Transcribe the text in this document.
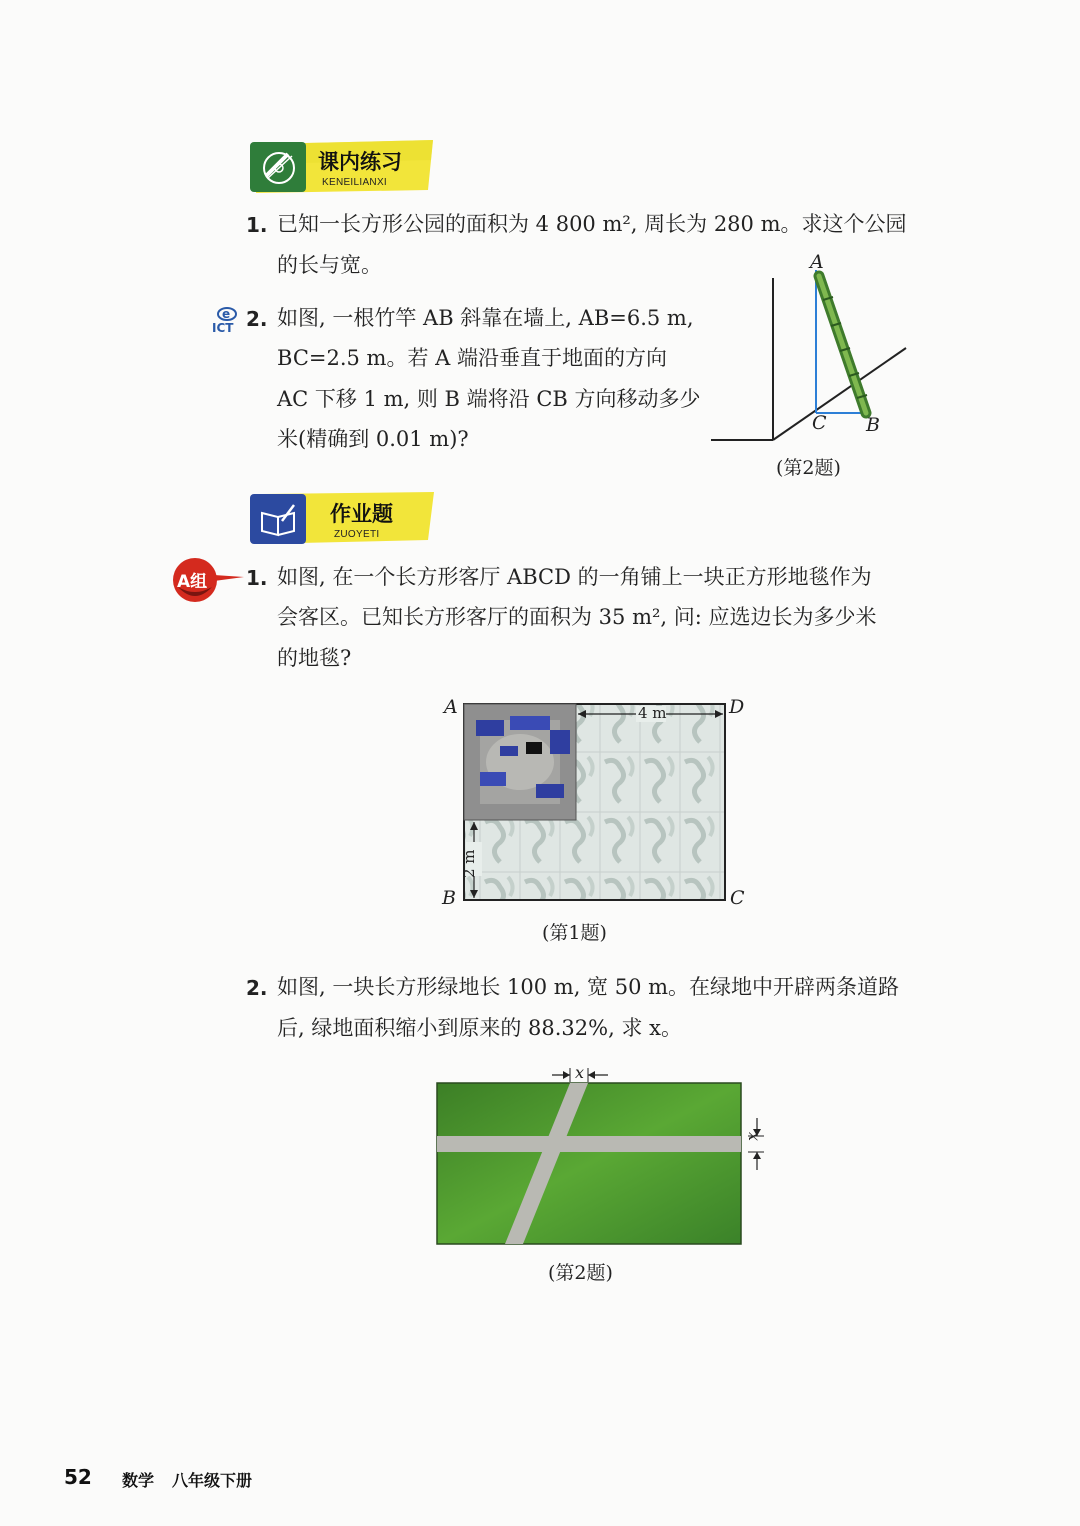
课内练习
KENEILIANXI
1. 已知一长方形公园的面积为 4 800 m², 周长为 280 m。求这个公园
的长与宽。
e
ICT 2. 如图, 一根竹竿 AB 斜靠在墙上, AB=6.5 m,
BC=2.5 m。若 A 端沿垂直于地面的方向
AC 下移 1 m, 则 B 端将沿 CB 方向移动多少
米(精确到 0.01 m)?
A
C B
(第2题)
作业题
ZUOYETI
A组 1. 如图, 在一个长方形客厅 ABCD 的一角铺上一块正方形地毯作为
会客区。已知长方形客厅的面积为 35 m², 问: 应选边长为多少米
的地毯?
A	D
B	C
4 m
2 m
(第1题)
2. 如图, 一块长方形绿地长 100 m, 宽 50 m。在绿地中开辟两条道路
后, 绿地面积缩小到原来的 88.32%, 求 x。
x
x
(第2题)
52 数学 八年级下册
